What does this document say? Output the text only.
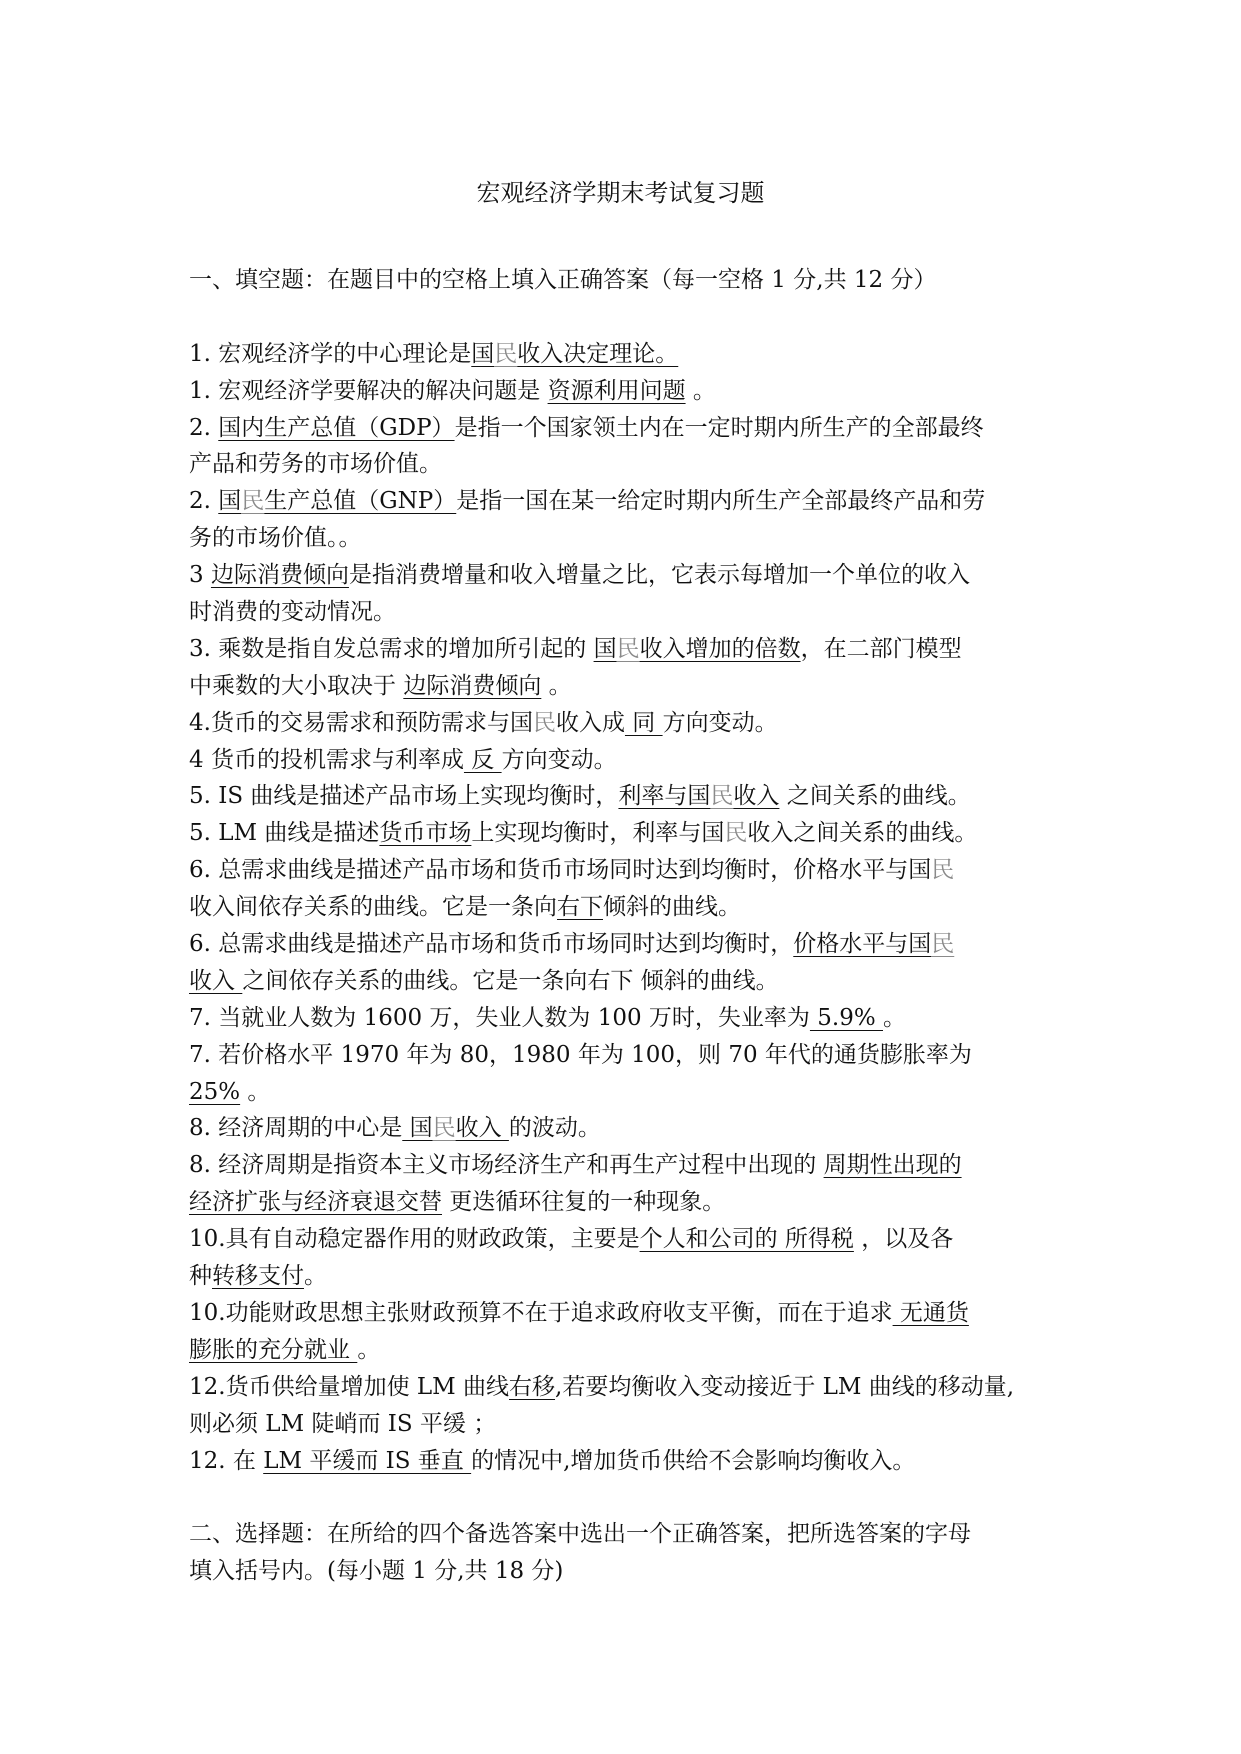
宏观经济学期末考试复习题
一、填空题：在题目中的空格上填入正确答案（每一空格 1 分,共 12 分）
1. 宏观经济学的中心理论是国民收入决定理论。
1. 宏观经济学要解决的解决问题是 资源利用问题 。
2. 国内生产总值（GDP）是指一个国家领土内在一定时期内所生产的全部最终
产品和劳务的市场价值。
2. 国民生产总值（GNP）是指一国在某一给定时期内所生产全部最终产品和劳
务的市场价值。。
3 边际消费倾向是指消费增量和收入增量之比，它表示每增加一个单位的收入
时消费的变动情况。
3. 乘数是指自发总需求的增加所引起的 国民收入增加的倍数，在二部门模型
中乘数的大小取决于 边际消费倾向 。
4.货币的交易需求和预防需求与国民收入成 同 方向变动。
4 货币的投机需求与利率成 反 方向变动。
5. IS 曲线是描述产品市场上实现均衡时，利率与国民收入 之间关系的曲线。
5. LM 曲线是描述货币市场上实现均衡时，利率与国民收入之间关系的曲线。
6. 总需求曲线是描述产品市场和货币市场同时达到均衡时，价格水平与国民
收入间依存关系的曲线。它是一条向右下倾斜的曲线。
6. 总需求曲线是描述产品市场和货币市场同时达到均衡时，价格水平与国民
收入 之间依存关系的曲线。它是一条向右下 倾斜的曲线。
7. 当就业人数为 1600 万，失业人数为 100 万时，失业率为 5.9% 。
7. 若价格水平 1970 年为 80，1980 年为 100，则 70 年代的通货膨胀率为
25% 。
8. 经济周期的中心是 国民收入 的波动。
8. 经济周期是指资本主义市场经济生产和再生产过程中出现的 周期性出现的
经济扩张与经济衰退交替 更迭循环往复的一种现象。
10.具有自动稳定器作用的财政政策，主要是个人和公司的 所得税 ，以及各
种转移支付。
10.功能财政思想主张财政预算不在于追求政府收支平衡，而在于追求 无通货
膨胀的充分就业 。
12.货币供给量增加使 LM 曲线右移,若要均衡收入变动接近于 LM 曲线的移动量,
则必须 LM 陡峭而 IS 平缓 ；
12. 在 LM 平缓而 IS 垂直 的情况中,增加货币供给不会影响均衡收入。
二、选择题：在所给的四个备选答案中选出一个正确答案，把所选答案的字母
填入括号内。(每小题 1 分,共 18 分)
